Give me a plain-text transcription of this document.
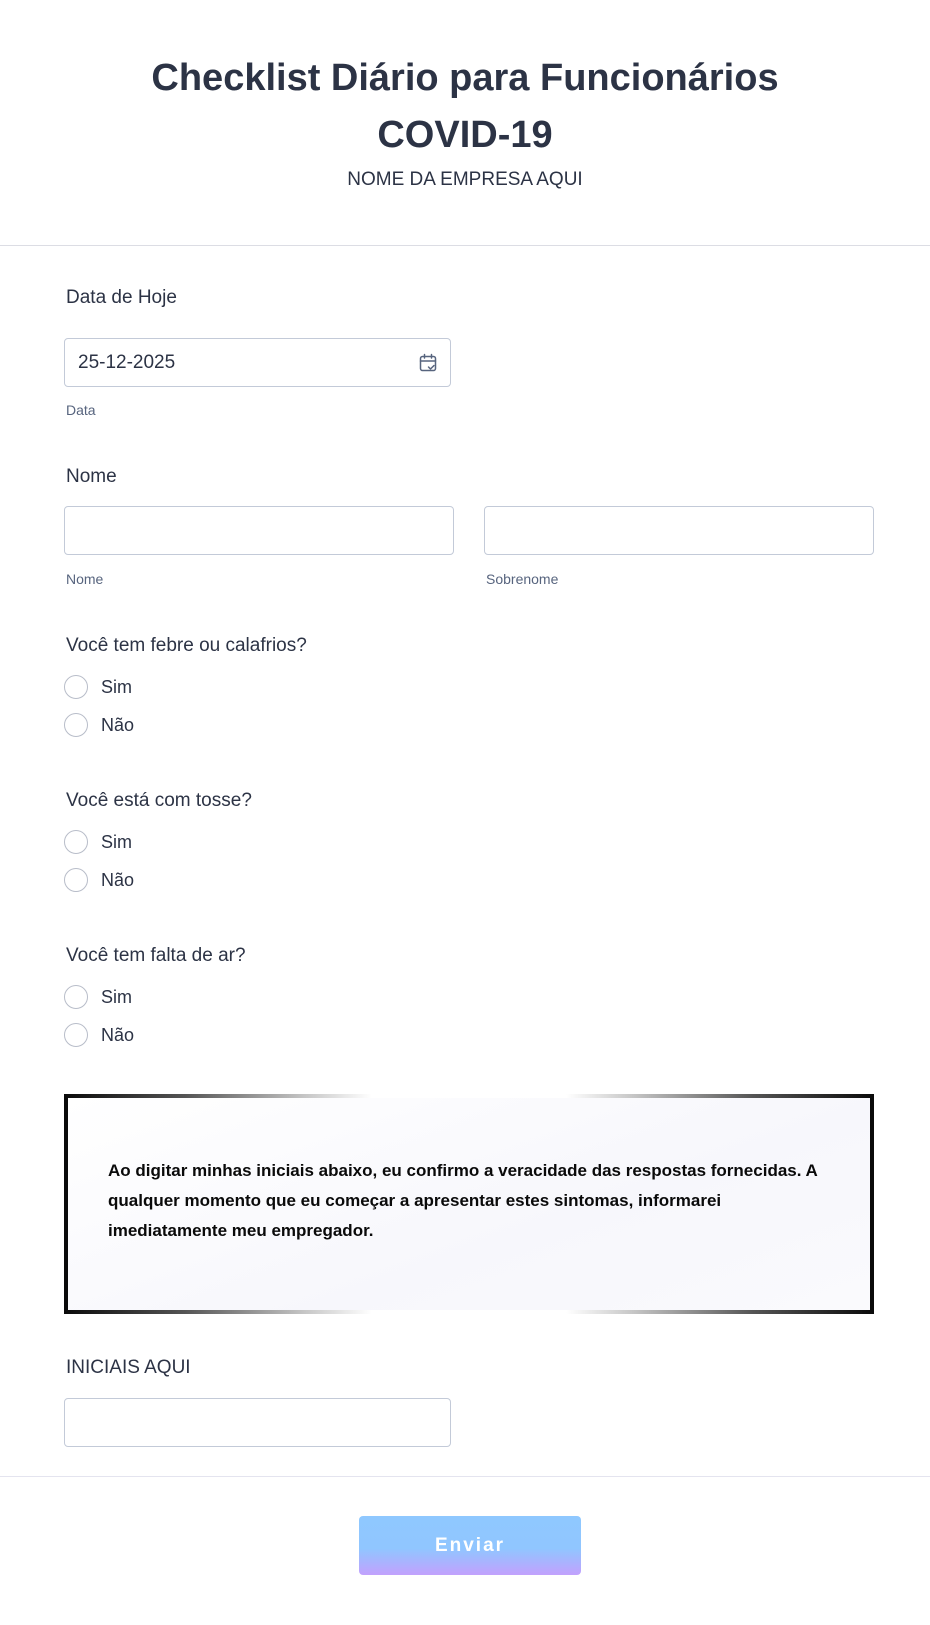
Checklist Diário para Funcionários
COVID-19
NOME DA EMPRESA AQUI
Data de Hoje
25-12-2025
Data
Nome
Nome	Sobrenome
Você tem febre ou calafrios?
Sim
Não
Você está com tosse?
Sim
Não
Você tem falta de ar?
Sim
Não
Ao digitar minhas iniciais abaixo, eu confirmo a veracidade das respostas fornecidas. A qualquer momento que eu começar a apresentar estes sintomas, informarei imediatamente meu empregador.
INICIAIS AQUI
Enviar
